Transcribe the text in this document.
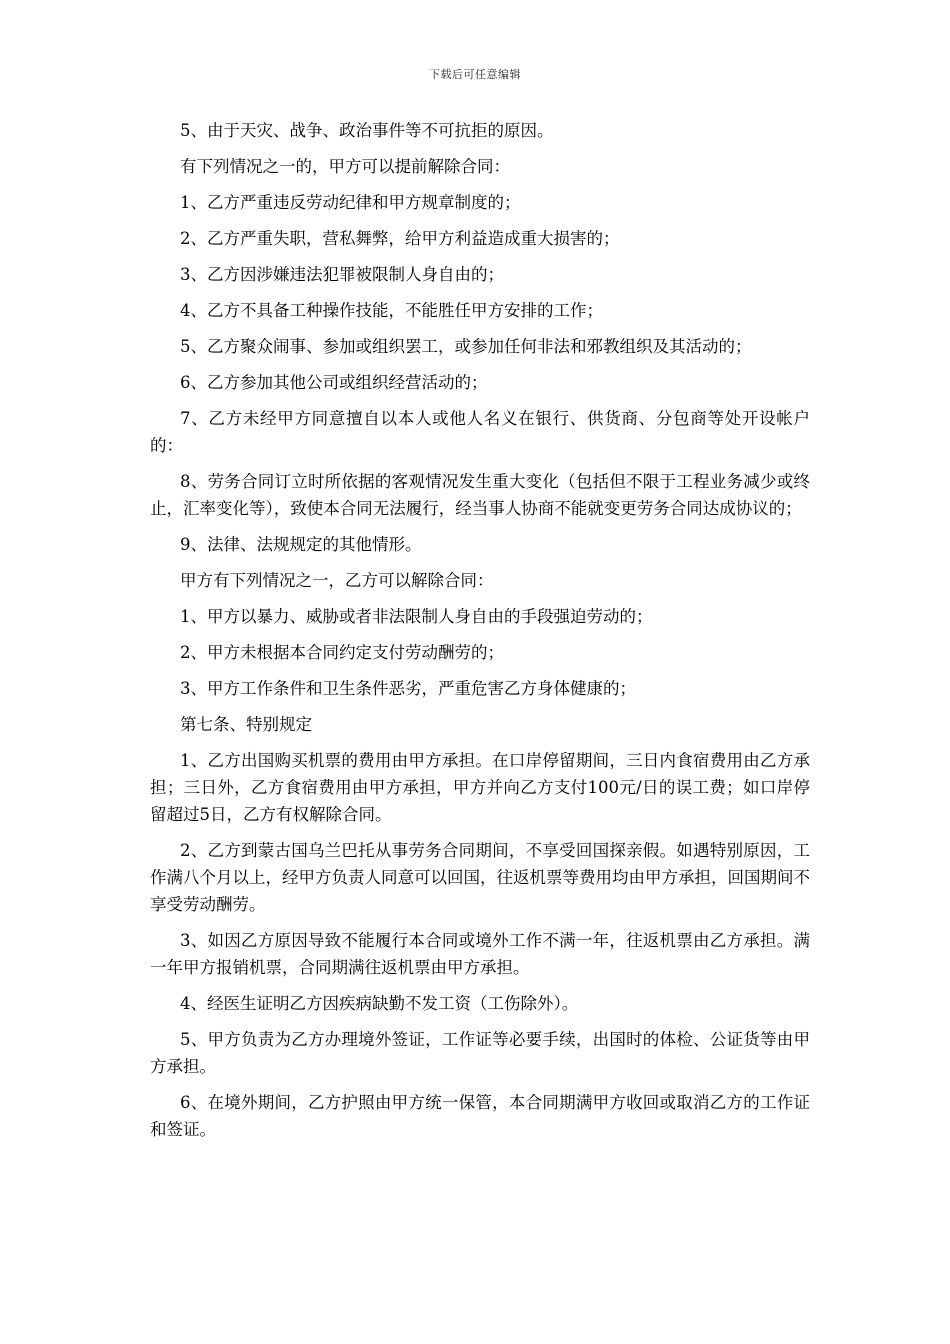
下载后可任意编辑

5、由于天灾、战争、政治事件等不可抗拒的原因。

有下列情况之一的，甲方可以提前解除合同：

1、乙方严重违反劳动纪律和甲方规章制度的；

2、乙方严重失职，营私舞弊，给甲方利益造成重大损害的；

3、乙方因涉嫌违法犯罪被限制人身自由的；

4、乙方不具备工种操作技能，不能胜任甲方安排的工作；

5、乙方聚众闹事、参加或组织罢工，或参加任何非法和邪教组织及其活动的；

6、乙方参加其他公司或组织经营活动的；

7、乙方未经甲方同意擅自以本人或他人名义在银行、供货商、分包商等处开设帐户的：

8、劳务合同订立时所依据的客观情况发生重大变化（包括但不限于工程业务减少或终止，汇率变化等），致使本合同无法履行，经当事人协商不能就变更劳务合同达成协议的；

9、法律、法规规定的其他情形。

甲方有下列情况之一，乙方可以解除合同：

1、甲方以暴力、威胁或者非法限制人身自由的手段强迫劳动的；

2、甲方未根据本合同约定支付劳动酬劳的；

3、甲方工作条件和卫生条件恶劣，严重危害乙方身体健康的；

第七条、特别规定

1、乙方出国购买机票的费用由甲方承担。在口岸停留期间，三日内食宿费用由乙方承担；三日外，乙方食宿费用由甲方承担，甲方并向乙方支付100元/日的误工费；如口岸停留超过5日，乙方有权解除合同。

2、乙方到蒙古国乌兰巴托从事劳务合同期间，不享受回国探亲假。如遇特别原因，工作满八个月以上，经甲方负责人同意可以回国，往返机票等费用均由甲方承担，回国期间不享受劳动酬劳。

3、如因乙方原因导致不能履行本合同或境外工作不满一年，往返机票由乙方承担。满一年甲方报销机票，合同期满往返机票由甲方承担。

4、经医生证明乙方因疾病缺勤不发工资（工伤除外）。

5、甲方负责为乙方办理境外签证，工作证等必要手续，出国时的体检、公证货等由甲方承担。

6、在境外期间，乙方护照由甲方统一保管，本合同期满甲方收回或取消乙方的工作证和签证。
